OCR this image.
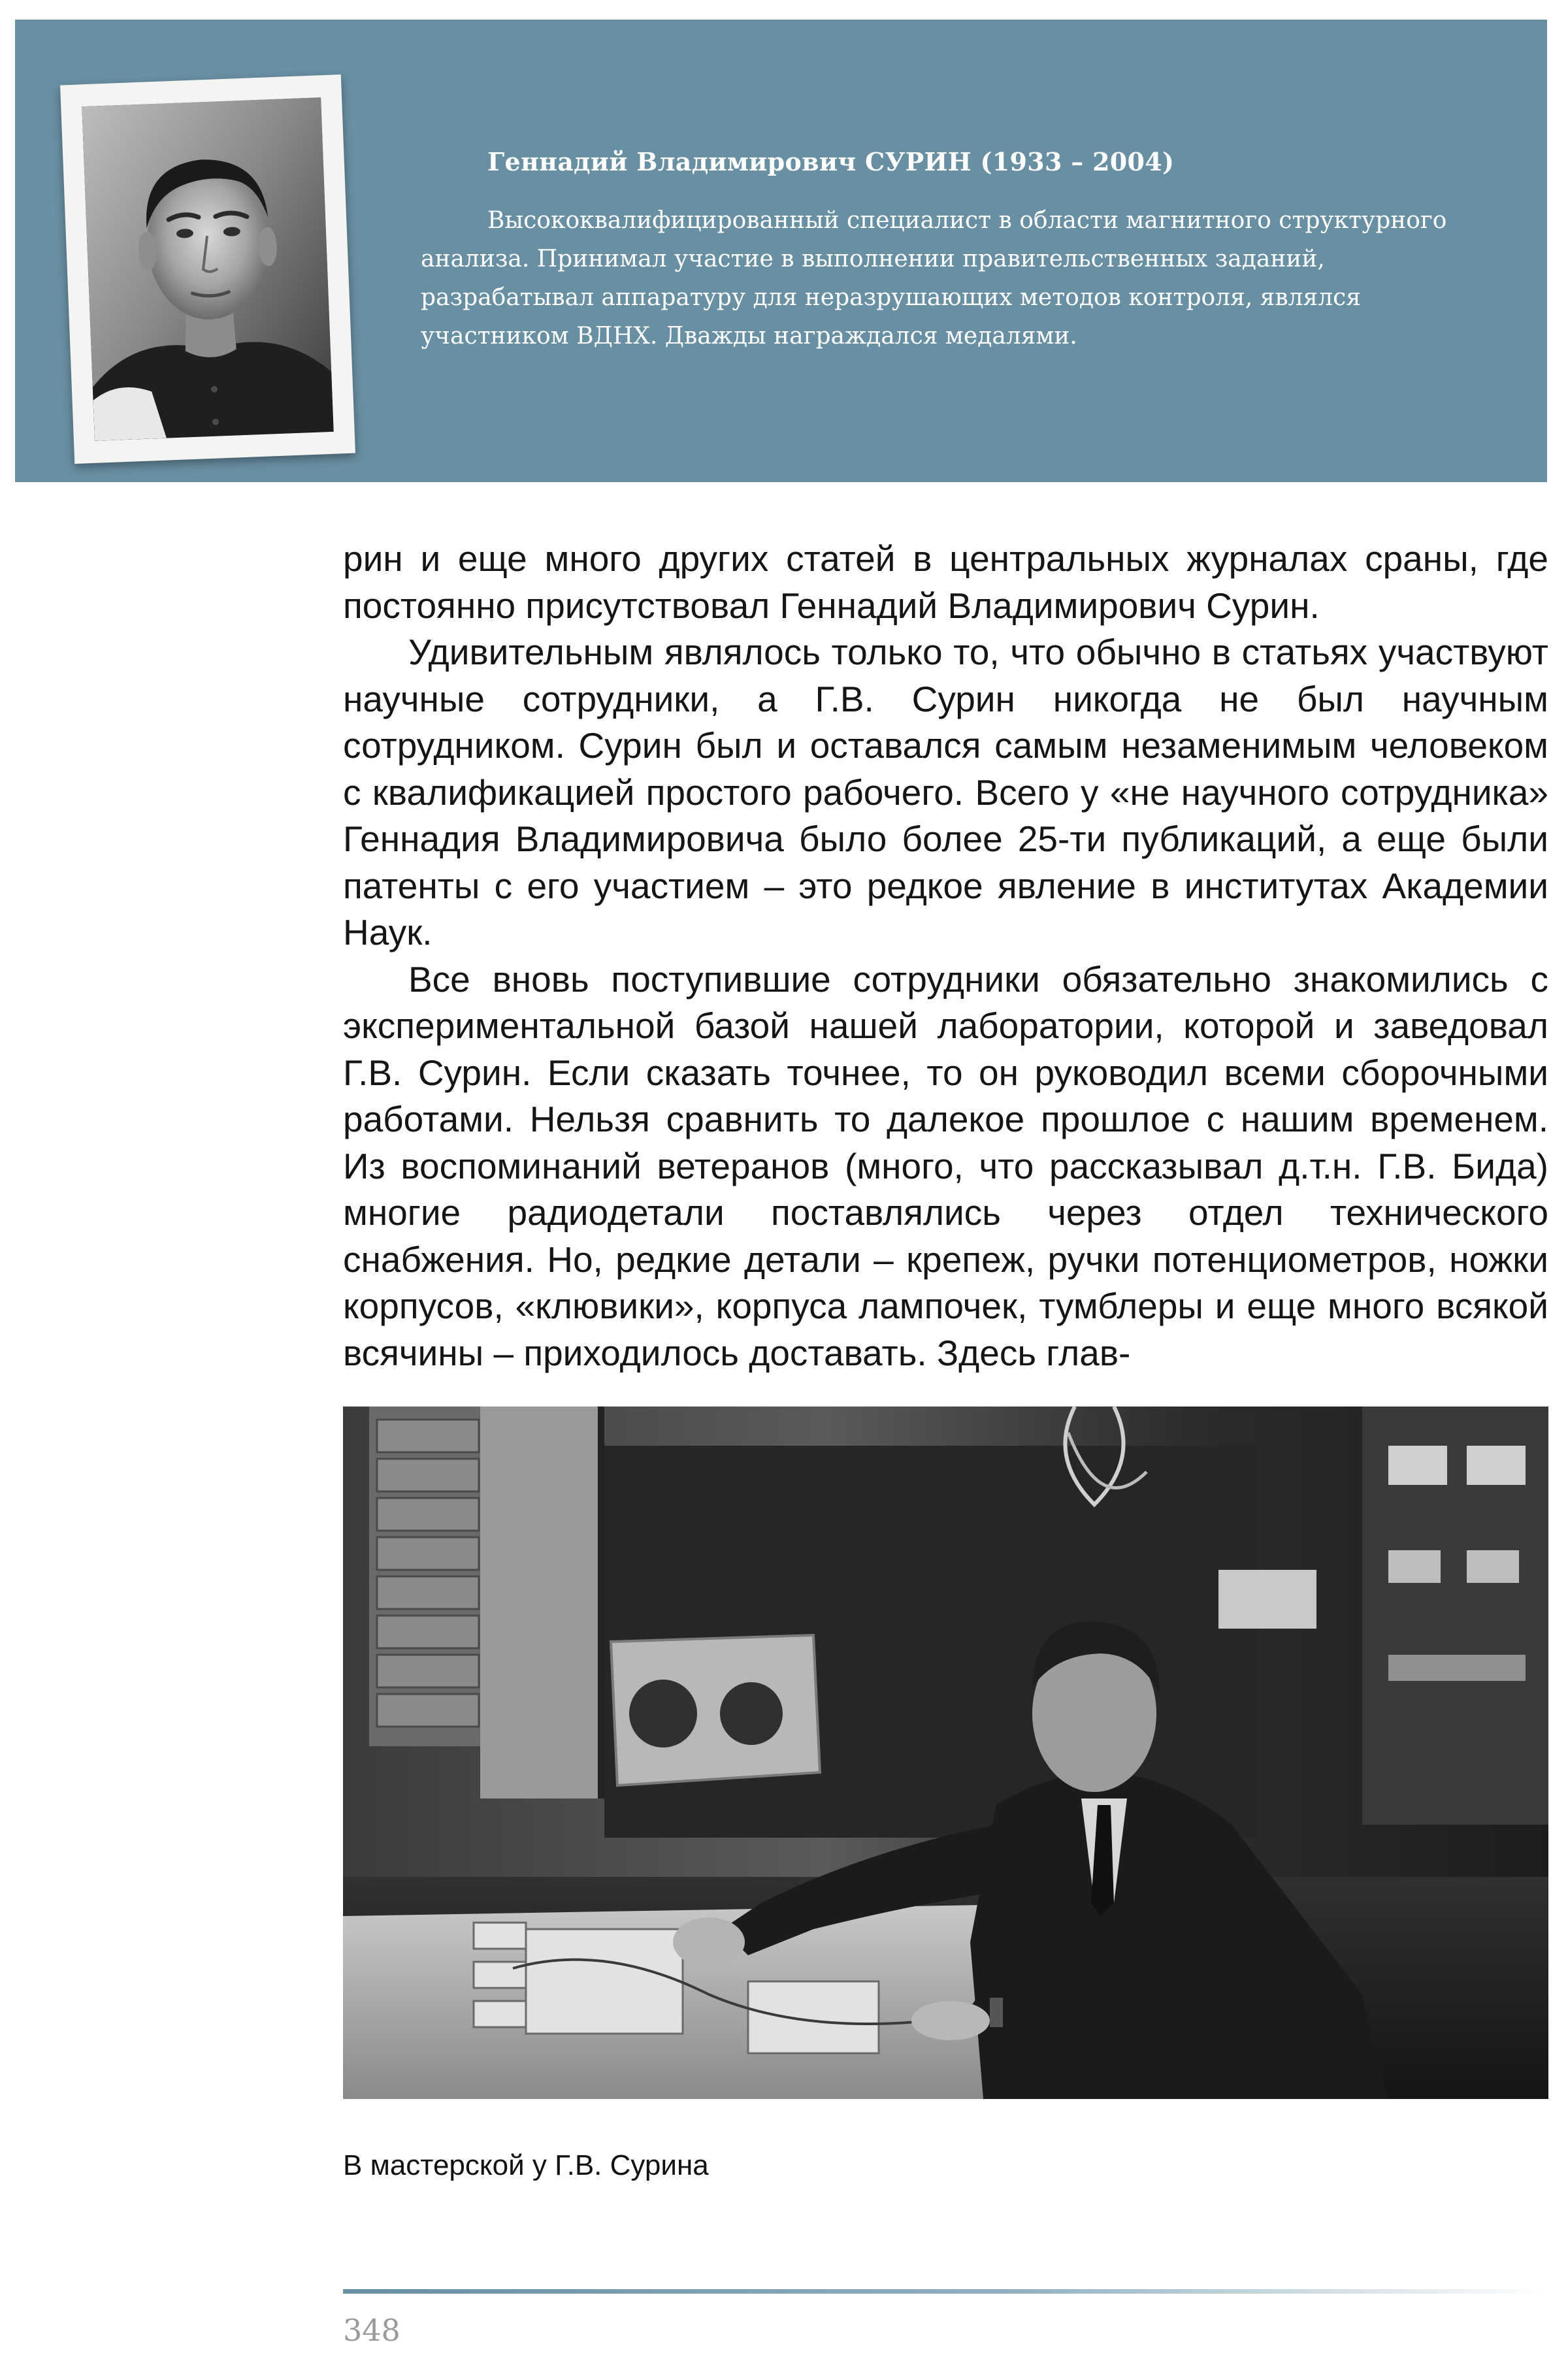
Геннадий Владимирович СУРИН (1933 – 2004)

Высококвалифицированный специалист в области магнитного структурного анализа. Принимал участие в выполнении правительственных заданий, разрабатывал аппаратуру для неразрушающих методов контроля, являлся участником ВДНХ. Дважды награждался медалями.

рин и еще много других статей в центральных журналах сраны, где постоянно присутствовал Геннадий Владимирович Сурин.

Удивительным являлось только то, что обычно в статьях участвуют научные сотрудники, а Г.В. Сурин никогда не был научным сотрудником. Сурин был и оставался самым незаменимым человеком с квалификацией простого рабочего. Всего у «не научного сотрудника» Геннадия Владимировича было более 25-ти публикаций, а еще были патенты с его участием – это редкое явление в институтах Академии Наук.

Все вновь поступившие сотрудники обязательно знакомились с экспериментальной базой нашей лаборатории, которой и заведовал Г.В. Сурин. Если сказать точнее, то он руководил всеми сборочными работами. Нельзя сравнить то далекое прошлое с нашим временем. Из воспоминаний ветеранов (много, что рассказывал д.т.н. Г.В. Бида) многие радиодетали поставлялись через отдел технического снабжения. Но, редкие детали – крепеж, ручки потенциометров, ножки корпусов, «клювики», корпуса лампочек, тумблеры и еще много всякой всячины – приходилось доставать. Здесь глав-

В мастерской у Г.В. Сурина

348
